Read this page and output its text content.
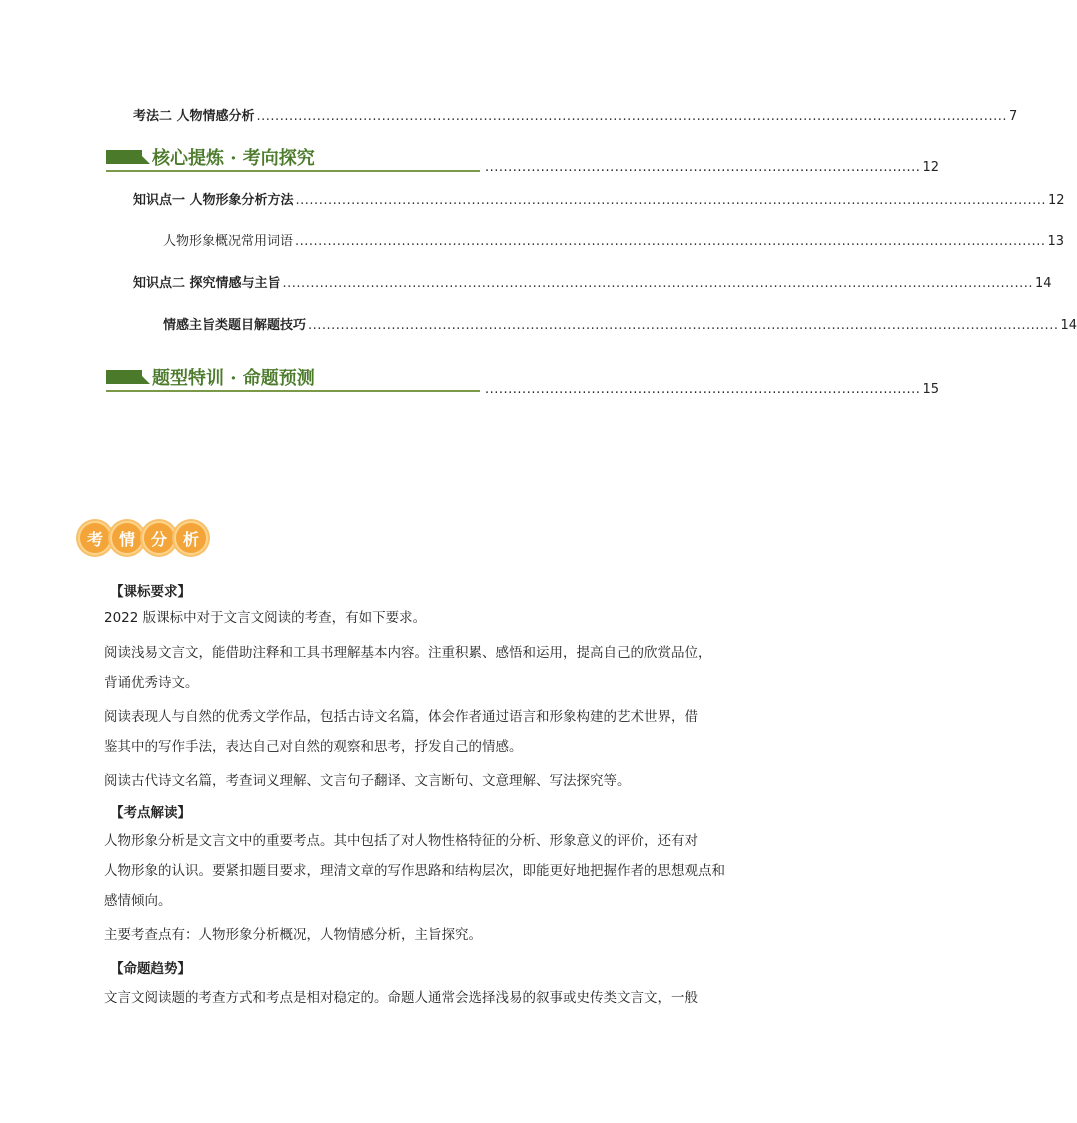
考法二 人物情感分析 .................................................................................................................................................................. 7
核心提炼 · 考向探究	.............................................................................................. 12
知识点一 人物形象分析方法 .................................................................................................................................................................. 12
人物形象概况常用词语 .................................................................................................................................................................. 13
知识点二 探究情感与主旨 .................................................................................................................................................................. 14
情感主旨类题目解题技巧 .................................................................................................................................................................. 14
题型特训 · 命题预测
.............................................................................................. 15
考 情 分 析
【课标要求】
2022 版课标中对于文言文阅读的考查，有如下要求。
阅读浅易文言文，能借助注释和工具书理解基本内容。注重积累、感悟和运用，提高自己的欣赏品位，
背诵优秀诗文。
阅读表现人与自然的优秀文学作品，包括古诗文名篇，体会作者通过语言和形象构建的艺术世界，借
鉴其中的写作手法，表达自己对自然的观察和思考，抒发自己的情感。
阅读古代诗文名篇，考查词义理解、文言句子翻译、文言断句、文意理解、写法探究等。
【考点解读】
人物形象分析是文言文中的重要考点。其中包括了对人物性格特征的分析、形象意义的评价，还有对
人物形象的认识。要紧扣题目要求，理清文章的写作思路和结构层次，即能更好地把握作者的思想观点和
感情倾向。
主要考查点有：人物形象分析概况，人物情感分析，主旨探究。
【命题趋势】
文言文阅读题的考查方式和考点是相对稳定的。命题人通常会选择浅易的叙事或史传类文言文，一般
